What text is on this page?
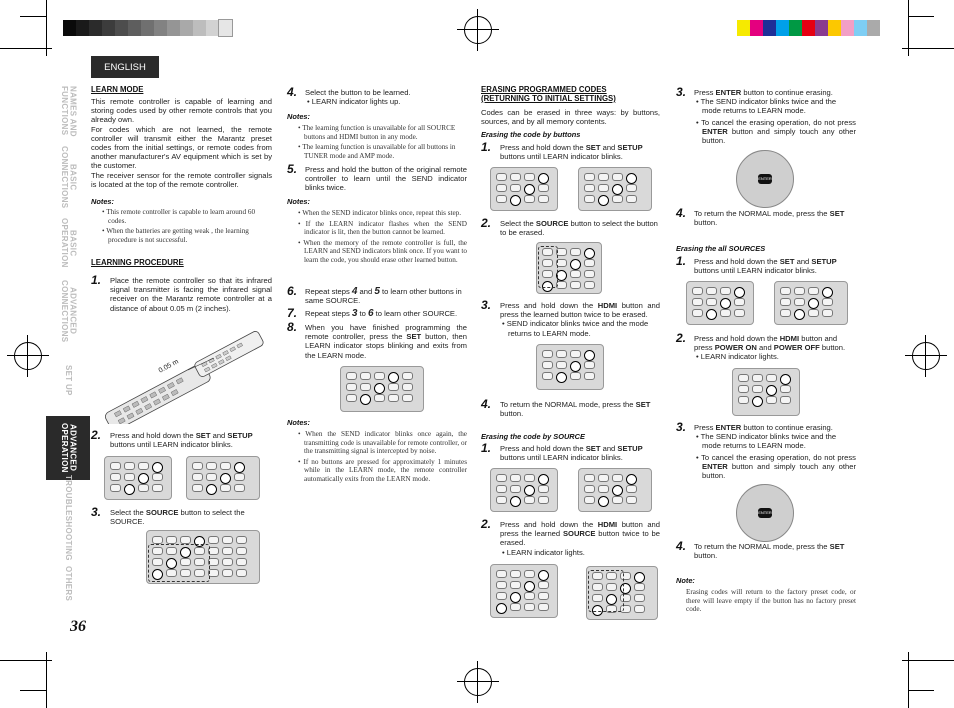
ENGLISH
NAMES AND
FUNCTIONS
BASIC
CONNECTIONS
BASIC OPERATION
ADVANCED
CONNECTIONS
SET UP
ADVANCED
OPERATION
TROUBLESHOOTING
OTHERS
36
LEARN MODE
This remote controller is capable of learning and storing codes used by other remote controls that you already own.
For codes which are not learned, the remote controller will transmit either the Marantz preset codes from the initial settings, or remote codes from another manufacturer's AV equipment which is set by the customer.
The receiver sensor for the remote controller signals is located at the top of the remote controller.
Notes:
• This remote controller is capable to learn around 60 codes.
• When the batteries are getting weak , the learning procedure is not successful.
LEARNING PROCEDURE
1. Place the remote controller so that its infrared signal transmitter is facing the infrared signal receiver on the Marantz remote controller at a distance of about 0.05 m (2 inches).
0.05 m
2. Press and hold down the SET and SETUP buttons until LEARN indicator blinks.
3. Select the SOURCE button to select the SOURCE.
4. Select the button to be learned.
• LEARN indicator lights up.
Notes:
• The learning function is unavailable for all SOURCE buttons and HDMI button in any mode.
• The learning function is unavailable for all buttons in TUNER mode and AMP mode.
5. Press and hold the button of the original remote controller to learn until the SEND indicator blinks twice.
Notes:
• When the SEND indicator blinks once, repeat this step.
• If the LEARN indicator flashes when the SEND indicator is lit, then the button cannot be learned.
• When the memory of the remote controller is full, the LEARN and SEND indicators blink once. If you want to learn the code, you should erase other learned button.
6. Repeat steps 4 and 5 to learn other buttons in same SOURCE.
7. Repeat steps 3 to 6 to learn other SOURCE.
8. When you have finished programming the remote controller, press the SET button, then LEARN indicator stops blinking and exits from the LEARN mode.
Notes:
• When the SEND indicator blinks once again, the transmitting code is unavailable for remote controller, or the transmitting signal is intercepted by noise.
• If no buttons are pressed for approximately 1 minutes while in the LEARN mode, the remote controller automatically exits from the LEARN mode.
ERASING PROGRAMMED CODES
(RETURNING TO INITIAL SETTINGS)
Codes can be erased in three ways: by buttons, sources, and by all memory contents.
Erasing the code by buttons
1. Press and hold down the SET and SETUP buttons until LEARN indicator blinks.
2. Select the SOURCE button to select the button to be erased.
3. Press and hold down the HDMI button and press the learned button twice to be erased.
• SEND indicator blinks twice and the mode returns to LEARN mode.
4. To return the NORMAL mode, press the SET button.
Erasing the code by SOURCE
1. Press and hold down the SET and SETUP buttons until LEARN indicator blinks.
2. Press and hold down the HDMI button and press the learned SOURCE button twice to be erased.
• LEARN indicator lights.
3. Press ENTER button to continue erasing.
• The SEND indicator blinks twice and the mode returns to LEARN mode.
• To cancel the erasing operation, do not press ENTER button and simply touch any other button.
ENTER
4. To return the NORMAL mode, press the SET button.
Erasing the all SOURCES
1. Press and hold down the SET and SETUP buttons until LEARN indicator blinks.
2. Press and hold down the HDMI button and press POWER ON and POWER OFF button.
• LEARN indicator lights.
3. Press ENTER button to continue erasing.
• The SEND indicator blinks twice and the mode returns to LEARN mode.
• To cancel the erasing operation, do not press ENTER button and simply touch any other button.
ENTER
4. To return the NORMAL mode, press the SET button.
Note:
Erasing codes will return to the factory preset code, or there will leave empty if the button has no factory preset code.
